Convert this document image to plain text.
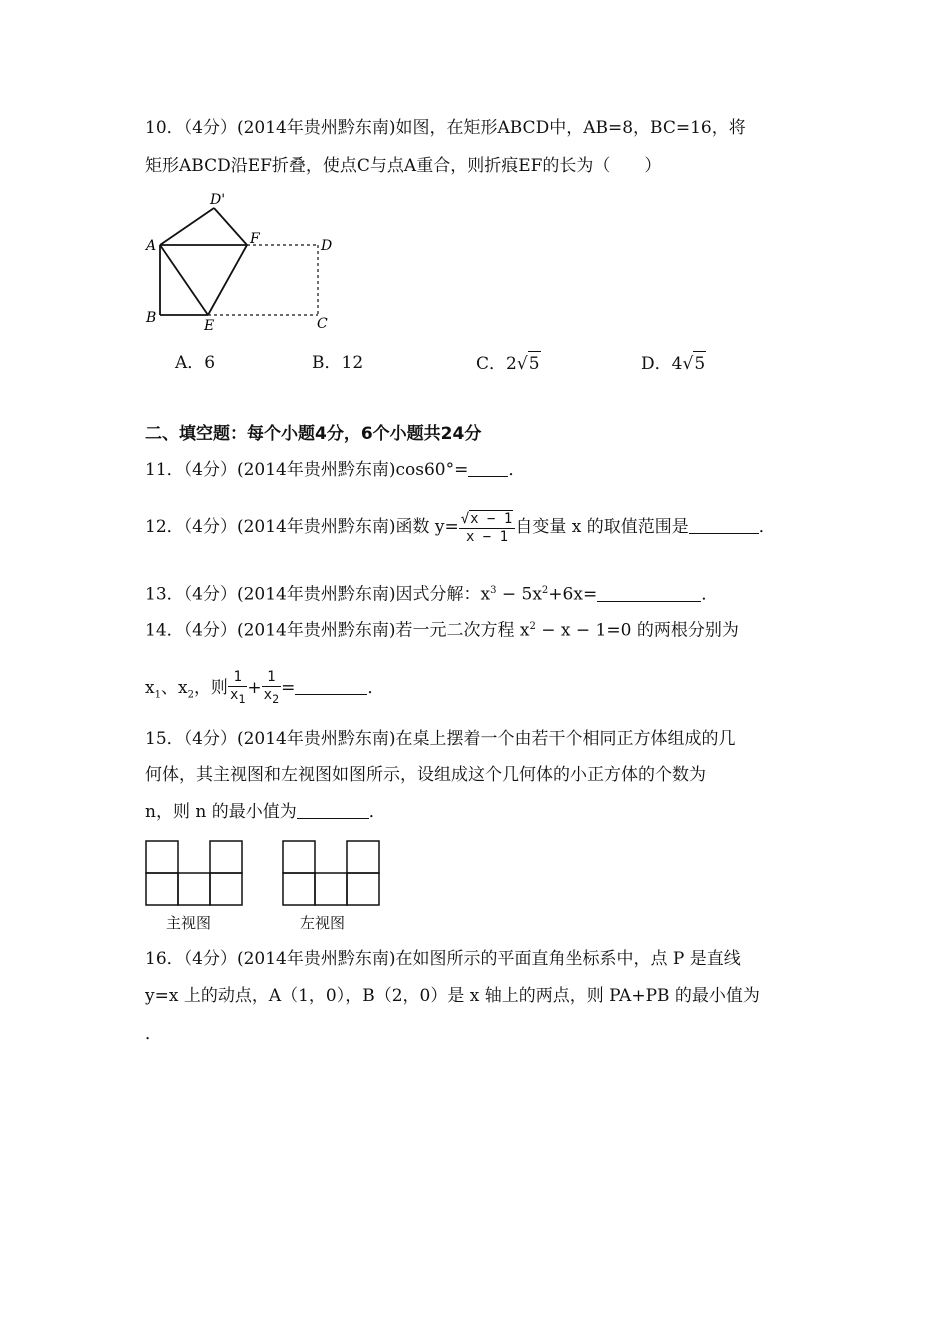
10．（4分）(2014年贵州黔东南)如图，在矩形ABCD中，AB=8，BC=16，将
矩形ABCD沿EF折叠，使点C与点A重合，则折痕EF的长为（　　）
D'
A	F	D
B	E	C
A．6	B．12	C．2√5	D．4√5
二、填空题：每个小题4分，6个小题共24分
11．（4分）(2014年贵州黔东南)cos60°= ．
12．（4分）(2014年贵州黔东南)函数 $y= \frac{√x - 1}{x - 1}$ 自变量 x 的取值范围是	．
13．（4分）(2014年贵州黔东南)因式分解：$x^3 - 5x^2+6x=$	．
14．（4分）(2014年贵州黔东南)若一元二次方程 $x^2 - x - 1=0$ 的两根分别为
$x_1$、$x_2$，则 $\frac{1}{x_1} + \frac{1}{x_2}$ =	．
15．（4分）(2014年贵州黔东南)在桌上摆着一个由若干个相同正方体组成的几
何体，其主视图和左视图如图所示，设组成这个几何体的小正方体的个数为
n，则 n 的最小值为	．
主视图	左视图
16．（4分）(2014年贵州黔东南)在如图所示的平面直角坐标系中，点 P 是直线
y=x 上的动点，A（1，0），B（2，0）是 x 轴上的两点，则 PA+PB 的最小值为
．
